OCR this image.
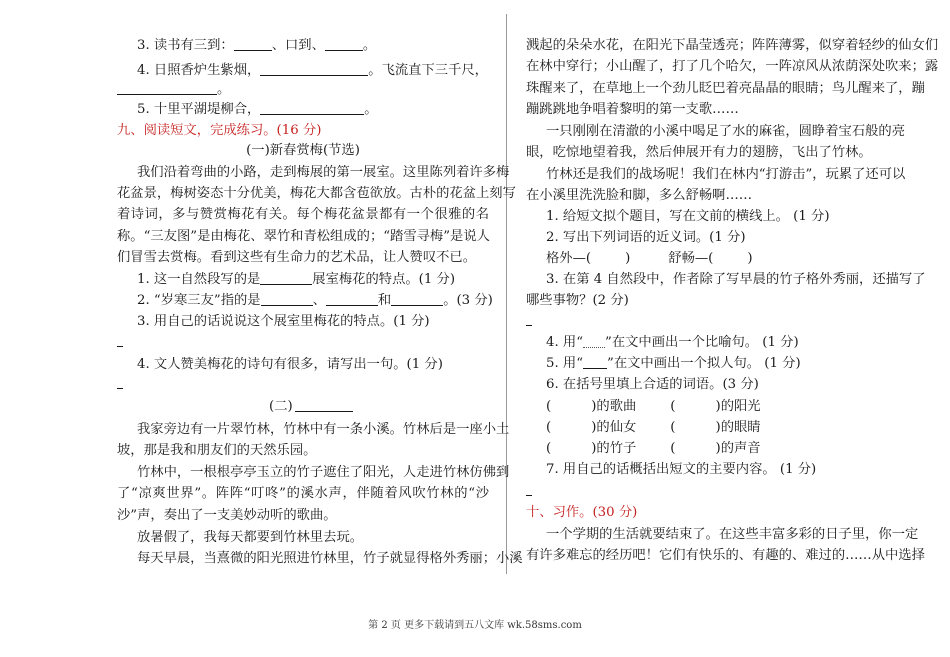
3. 读书有三到：	、口到、	。
4. 日照香炉生紫烟，	。飞流直下三千尺，
。
5. 十里平湖堤柳合，	。
九、阅读短文，完成练习。(16 分)
(一)新春赏梅(节选)
我们沿着弯曲的小路，走到梅展的第一展室。这里陈列着许多梅
花盆景，梅树姿态十分优美，梅花大都含苞欲放。古朴的花盆上刻写
着诗词，多与赞赏梅花有关。每个梅花盆景都有一个很雅的名
称。“三友图”是由梅花、翠竹和青松组成的；“踏雪寻梅”是说人
们冒雪去赏梅。看到这些有生命力的艺术品，让人赞叹不已。
1. 这一自然段写的是	展室梅花的特点。(1 分)
2. “岁寒三友”指的是	、	和	。(3 分)
3. 用自己的话说说这个展室里梅花的特点。(1 分)
4. 文人赞美梅花的诗句有很多，请写出一句。(1 分)
(二)
我家旁边有一片翠竹林，竹林中有一条小溪。竹林后是一座小土
坡，那是我和朋友们的天然乐园。
竹林中，一根根亭亭玉立的竹子遮住了阳光，人走进竹林仿佛到
了“凉爽世界”。阵阵“叮咚”的溪水声，伴随着风吹竹林的“沙
沙”声，奏出了一支美妙动听的歌曲。
放暑假了，我每天都要到竹林里去玩。
每天早晨，当熹微的阳光照进竹林里，竹子就显得格外秀丽；小溪
溅起的朵朵水花，在阳光下晶莹透亮；阵阵薄雾，似穿着轻纱的仙女们
在林中穿行；小山醒了，打了几个哈欠，一阵凉风从浓荫深处吹来；露
珠醒来了，在草地上一个劲儿眨巴着亮晶晶的眼睛；鸟儿醒来了，蹦
蹦跳跳地争唱着黎明的第一支歌……
一只刚刚在清澈的小溪中喝足了水的麻雀，圆睁着宝石般的亮
眼，吃惊地望着我，然后伸展开有力的翅膀，飞出了竹林。
竹林还是我们的战场呢！我们在林内“打游击”，玩累了还可以
在小溪里洗洗脸和脚，多么舒畅啊……
1. 给短文拟个题目，写在文前的横线上。 (1 分)
2. 写出下列词语的近义词。(1 分)
格外—(	)	舒畅—(	)
3. 在第 4 自然段中，作者除了写早晨的竹子格外秀丽，还描写了
哪些事物？(2 分)
4. 用“ ”在文中画出一个比喻句。 (1 分)
5. 用“ ”在文中画出一个拟人句。 (1 分)
6. 在括号里填上合适的词语。(3 分)
(	)的歌曲	(	)的阳光
(	)的仙女	(	)的眼睛
(	)的竹子	(	)的声音
7. 用自己的话概括出短文的主要内容。 (1 分)
十、习作。(30 分)
一个学期的生活就要结束了。在这些丰富多彩的日子里，你一定
有许多难忘的经历吧！它们有快乐的、有趣的、难过的……从中选择
第 2 页 更多下载请到五八文库 wk.58sms.com
